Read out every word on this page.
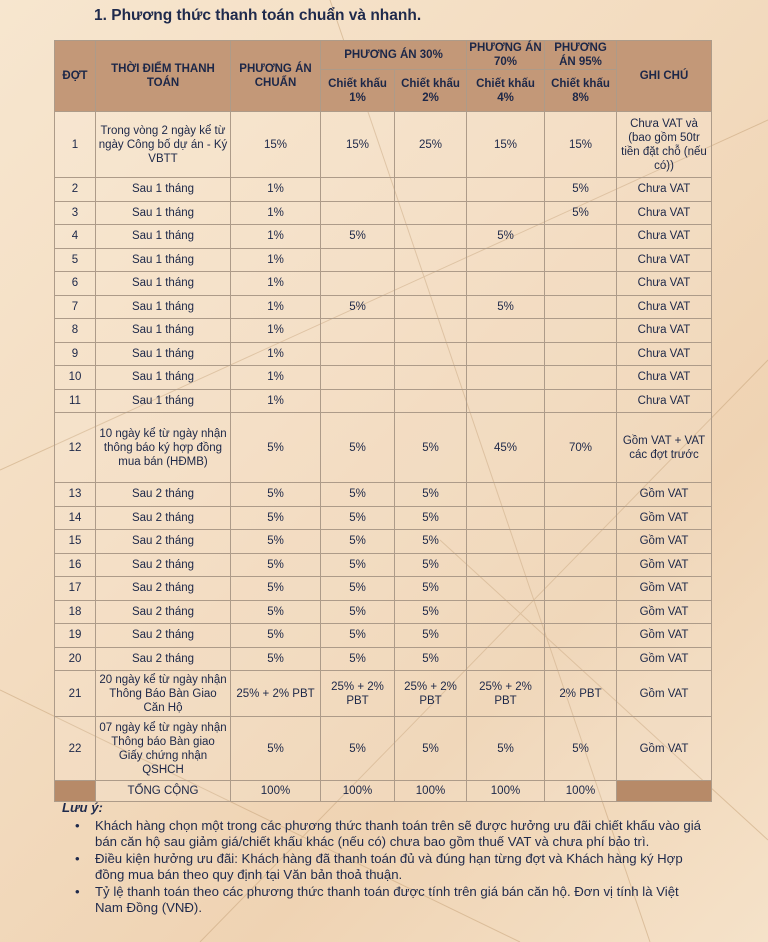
1. Phương thức thanh toán chuẩn và nhanh.
ĐỢT	THỜI ĐIỂM THANH TOÁN	PHƯƠNG ÁN CHUẨN	PHƯƠNG ÁN 30%		PHƯƠNG ÁN 70%	PHƯƠNG ÁN 95%	GHI CHÚ
			Chiết khấu 1%	Chiết khấu 2%	Chiết khấu 4%	Chiết khấu 8%	
1	Trong vòng 2 ngày kể từ ngày Công bố dự án - Ký VBTT	15%	15%	25%	15%	15%	Chưa VAT và (bao gồm 50tr tiền đặt chỗ (nếu có))
2	Sau 1 tháng	1%				5%	Chưa VAT
3	Sau 1 tháng	1%				5%	Chưa VAT
4	Sau 1 tháng	1%	5%		5%		Chưa VAT
5	Sau 1 tháng	1%					Chưa VAT
6	Sau 1 tháng	1%					Chưa VAT
7	Sau 1 tháng	1%	5%		5%		Chưa VAT
8	Sau 1 tháng	1%					Chưa VAT
9	Sau 1 tháng	1%					Chưa VAT
10	Sau 1 tháng	1%					Chưa VAT
11	Sau 1 tháng	1%					Chưa VAT
12	10 ngày kể từ ngày nhận thông báo ký hợp đồng mua bán (HĐMB)	5%	5%	5%	45%	70%	Gồm VAT + VAT các đợt trước
13	Sau 2 tháng	5%	5%	5%			Gồm VAT
14	Sau 2 tháng	5%	5%	5%			Gồm VAT
15	Sau 2 tháng	5%	5%	5%			Gồm VAT
16	Sau 2 tháng	5%	5%	5%			Gồm VAT
17	Sau 2 tháng	5%	5%	5%			Gồm VAT
18	Sau 2 tháng	5%	5%	5%			Gồm VAT
19	Sau 2 tháng	5%	5%	5%			Gồm VAT
20	Sau 2 tháng	5%	5%	5%			Gồm VAT
21	20 ngày kể từ ngày nhận Thông Báo Bàn Giao Căn Hộ	25% + 2% PBT	25% + 2% PBT	25% + 2% PBT	25% + 2% PBT	2% PBT	Gồm VAT
22	07 ngày kể từ ngày nhận Thông báo Bàn giao Giấy chứng nhận QSHCH	5%	5%	5%	5%	5%	Gồm VAT
	TỔNG CỘNG	100%	100%	100%	100%	100%	
Lưu ý:
• Khách hàng chọn một trong các phương thức thanh toán trên sẽ được hưởng ưu đãi chiết khấu vào giá bán căn hộ sau giảm giá/chiết khấu khác (nếu có) chưa bao gồm thuế VAT và chưa phí bảo trì.
• Điều kiện hưởng ưu đãi: Khách hàng đã thanh toán đủ và đúng hạn từng đợt và Khách hàng ký Hợp đồng mua bán theo quy định tại Văn bản thoả thuận.
• Tỷ lệ thanh toán theo các phương thức thanh toán được tính trên giá bán căn hộ. Đơn vị tính là Việt Nam Đồng (VNĐ).
